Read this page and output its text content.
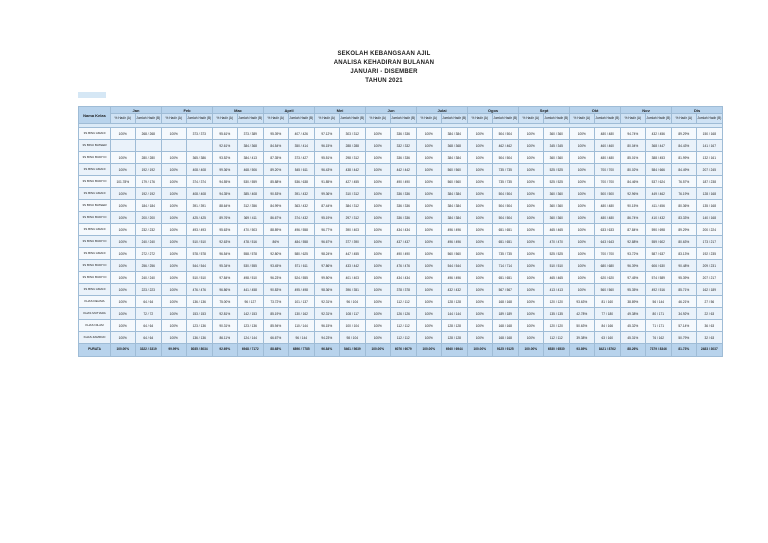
SEKOLAH KEBANGSAAN AJIL
ANALISA KEHADIRAN BULANAN
JANUARI - DISEMBER
TAHUN 2021
Nama Kelas	Jan		Feb		Mac		April		Mei		Jun		Julai		Ogos		Sept		Okt		Nov		Dis	
	% Hadir (A)	Jumlah Hadir (B)	% Hadir (A)	Jumlah Hadir (B)	% Hadir (A)	Jumlah Hadir (B)	% Hadir (A)	Jumlah Hadir (B)	% Hadir (A)	Jumlah Hadir (B)	% Hadir (A)	Jumlah Hadir (B)	% Hadir (A)	Jumlah Hadir (B)	% Hadir (A)	Jumlah Hadir (B)	% Hadir (A)	Jumlah Hadir (B)	% Hadir (A)	Jumlah Hadir (B)	% Hadir (A)	Jumlah Hadir (B)	% Hadir (A)	Jumlah Hadir (B)

3S BINU AMANI	100%	268 / 268	100%	373 / 373	95.61%	373 / 389	95.39%	407 / 426	97.12%	303 / 312	100%	336 / 336	100%	384 / 384	100%	504 / 504	100%	360 / 360	100%	480 / 480	94.74%	432 / 456	89.29%	150 / 168
3S BINU BATEER					92.61%	384 / 368	84.54%	350 / 414	96.15%	288 / 288	100%	332 / 332	100%	368 / 368	100%	462 / 462	100%	345 / 345	100%	460 / 460	80.04%	368 / 447	84.43%	141 / 167
3S BINU BUDIYO	100%	280 / 280	100%	365 / 386	93.52%	384 / 413	87.35%	373 / 427	95.51%	298 / 312	100%	336 / 336	100%	384 / 384	100%	504 / 504	100%	360 / 360	100%	480 / 480	85.01%	388 / 453	81.99%	132 / 161
3S BINU AMANI	100%	192 / 192	100%	408 / 408	99.36%	468 / 506	89.20%	545 / 611	96.43%	438 / 442	100%	442 / 442	100%	560 / 560	100%	735 / 735	100%	525 / 525	100%	700 / 700	80.02%	584 / 666	84.49%	207 / 245
3S BINU BUDIYO	101.78%	179 / 176	100%	374 / 374	94.55%	530 / 559	85.88%	536 / 638	91.85%	427 / 455	100%	490 / 490	100%	560 / 560	100%	735 / 735	100%	525 / 525	100%	700 / 700	84.46%	537 / 624	76.57%	187 / 238
3S BINU AMANI	100%	192 / 192	100%	408 / 408	94.35%	385 / 408	90.53%	391 / 432	99.36%	310 / 312	100%	336 / 336	100%	384 / 384	100%	504 / 504	100%	360 / 360	100%	500 / 500	92.96%	449 / 462	76.19%	128 / 168
3S BINU BATEER	100%	184 / 184	100%	391 / 391	88.64%	312 / 356	84.99%	363 / 432	87.44%	384 / 312	100%	336 / 336	100%	384 / 384	100%	504 / 504	100%	360 / 360	100%	480 / 480	90.15%	411 / 456	80.36%	135 / 168
3S BINU BUDIYO	100%	200 / 200	100%	425 / 425	89.76%	369 / 411	86.67%	374 / 432	95.19%	297 / 312	100%	336 / 336	100%	384 / 384	100%	504 / 504	100%	360 / 360	100%	480 / 480	86.74%	410 / 432	83.33%	140 / 168
3S BINU AMANI	100%	232 / 232	100%	493 / 493	95.63%	470 / 503	88.89%	496 / 558	96.77%	390 / 403	100%	434 / 434	100%	496 / 496	100%	651 / 651	100%	465 / 465	100%	633 / 633	87.84%	590 / 698	89.29%	200 / 224
3S BINU BUDIYO	100%	240 / 240	100%	510 / 510	92.63%	478 / 516	86%	484 / 558	96.67%	377 / 390	100%	437 / 437	100%	496 / 496	100%	651 / 651	100%	470 / 470	100%	643 / 643	92.88%	559 / 602	80.63%	173 / 217
3S BINU AMANI	100%	272 / 272	100%	578 / 578	96.54%	558 / 578	92.80%	580 / 625	98.24%	447 / 455	100%	490 / 490	100%	560 / 560	100%	735 / 735	100%	525 / 525	100%	700 / 700	93.72%	587 / 637	83.13%	192 / 235
3S BINU BUDIYO	100%	256 / 256	100%	544 / 544	95.34%	530 / 555	93.45%	571 / 611	97.86%	433 / 442	100%	476 / 476	100%	544 / 544	100%	714 / 714	100%	510 / 510	100%	680 / 680	96.39%	606 / 630	90.48%	209 / 231
3S BINU BUDIYO	100%	240 / 240	100%	510 / 510	97.84%	498 / 510	96.23%	524 / 555	99.50%	401 / 403	100%	434 / 434	100%	496 / 496	100%	651 / 651	100%	465 / 465	100%	620 / 620	97.45%	574 / 589	95.39%	207 / 217
3S BINU AMANI	100%	223 / 223	100%	476 / 476	96.86%	441 / 458	90.83%	495 / 498	98.36%	396 / 351	100%	378 / 378	100%	432 / 432	100%	567 / 567	100%	413 / 413	100%	560 / 560	95.35%	492 / 516	85.71%	162 / 189
KHAS DELIMA	100%	64 / 64	100%	136 / 136	75.00%	96 / 127	73.72%	101 / 137	92.31%	96 / 104	100%	112 / 112	100%	128 / 128	100%	168 / 168	100%	120 / 120	93.63%	81 / 160	38.89%	56 / 144	46.21%	27 / 56
KHAS MUTIARA	100%	72 / 72	100%	153 / 153	92.81%	142 / 153	85.19%	130 / 162	92.31%	108 / 117	100%	126 / 126	100%	144 / 144	100%	189 / 189	100%	135 / 135	42.78%	77 / 180	49.38%	80 / 171	34.92%	22 / 63
KHAS NILAM	100%	64 / 64	100%	123 / 136	90.31%	123 / 136	85.94%	110 / 144	96.15%	100 / 104	100%	112 / 112	100%	128 / 128	100%	168 / 168	100%	120 / 120	50.63%	84 / 166	45.32%	71 / 171	57.14%	36 / 63
KHAS ZAMRUD	100%	64 / 64	100%	136 / 136	86.11%	124 / 144	66.67%	96 / 144	94.23%	98 / 104	100%	112 / 112	100%	128 / 128	100%	168 / 168	100%	112 / 112	39.38%	63 / 160	45.31%	76 / 162	50.79%	32 / 63
PURATA	100.00%	3322 / 3319	99.99%	8035 / 8034	92.69%	6948 / 7172	88.68%	6896 / 7785	96.84%	5461 / 5639	100.00%	6076 / 6079	100.00%	6940 / 6944	100.00%	9125 / 9125	100.00%	6530 / 6530	93.89%	8421 / 8762	88.26%	7379 / 8346	81.73%	2483 / 3037
